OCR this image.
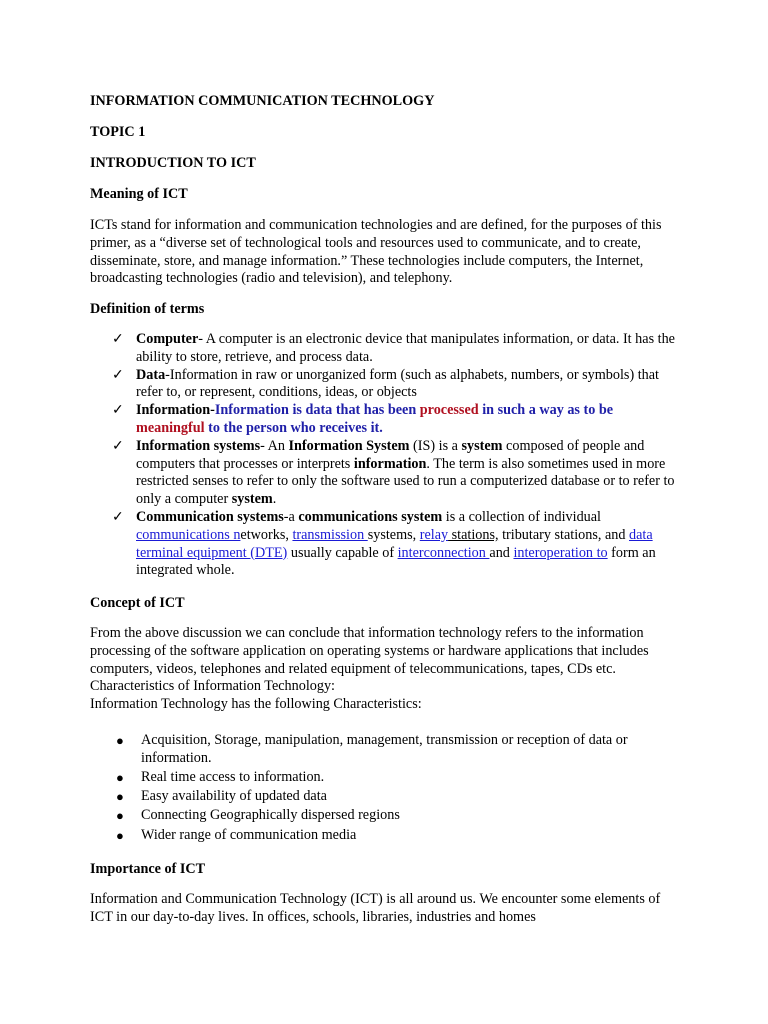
INFORMATION COMMUNICATION TECHNOLOGY
TOPIC 1
INTRODUCTION TO ICT
Meaning of ICT
ICTs stand for information and communication technologies and are defined, for the purposes of this primer, as a “diverse set of technological tools and resources used to communicate, and to create, disseminate, store, and manage information.” These technologies include computers, the Internet, broadcasting technologies (radio and television), and telephony.
Definition of terms
✓ Computer- A computer is an electronic device that manipulates information, or data. It has the ability to store, retrieve, and process data.
✓ Data-Information in raw or unorganized form (such as alphabets, numbers, or symbols) that refer to, or represent, conditions, ideas, or objects
✓ Information-Information is data that has been processed in such a way as to be meaningful to the person who receives it.
✓ Information systems- An Information System (IS) is a system composed of people and computers that processes or interprets information. The term is also sometimes used in more restricted senses to refer to only the software used to run a computerized database or to refer to only a computer system.
✓ Communication systems-a communications system is a collection of individual communications networks, transmission systems, relay stations, tributary stations, and data terminal equipment (DTE) usually capable of interconnection and interoperation to form an integrated whole.
Concept of ICT
From the above discussion we can conclude that information technology refers to the information processing of the software application on operating systems or hardware applications that includes computers, videos, telephones and related equipment of telecommunications, tapes, CDs etc.
Characteristics of Information Technology:
Information Technology has the following Characteristics:
● Acquisition, Storage, manipulation, management, transmission or reception of data or information.
● Real time access to information.
● Easy availability of updated data
● Connecting Geographically dispersed regions
● Wider range of communication media
Importance of ICT
Information and Communication Technology (ICT) is all around us. We encounter some elements of ICT in our day-to-day lives. In offices, schools, libraries, industries and homes
